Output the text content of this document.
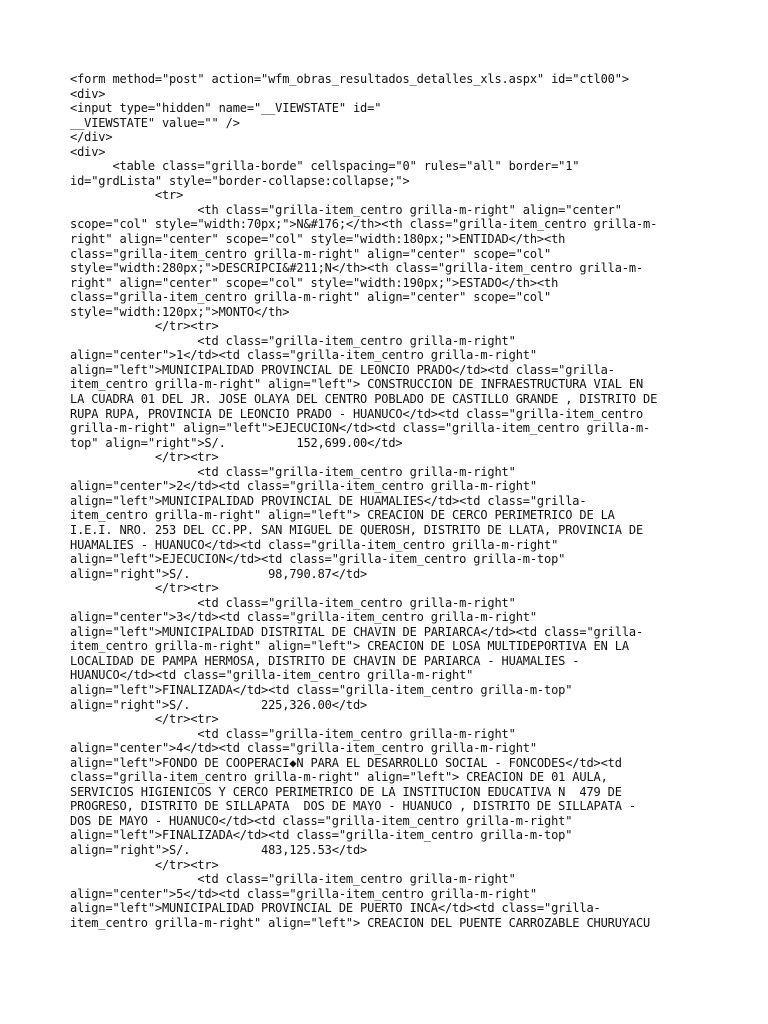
<form method="post" action="wfm_obras_resultados_detalles_xls.aspx" id="ctl00">
<div>
<input type="hidden" name="__VIEWSTATE" id="
__VIEWSTATE" value="" />
</div>
<div>
<table class="grilla-borde" cellspacing="0" rules="all" border="1"
id="grdLista" style="border-collapse:collapse;">
<tr>
<th class="grilla-item_centro grilla-m-right" align="center"
scope="col" style="width:70px;">N&#176;</th><th class="grilla-item_centro grilla-m-
right" align="center" scope="col" style="width:180px;">ENTIDAD</th><th
class="grilla-item_centro grilla-m-right" align="center" scope="col"
style="width:280px;">DESCRIPCI&#211;N</th><th class="grilla-item_centro grilla-m-
right" align="center" scope="col" style="width:190px;">ESTADO</th><th
class="grilla-item_centro grilla-m-right" align="center" scope="col"
style="width:120px;">MONTO</th>
</tr><tr>
<td class="grilla-item_centro grilla-m-right"
align="center">1</td><td class="grilla-item_centro grilla-m-right"
align="left">MUNICIPALIDAD PROVINCIAL DE LEONCIO PRADO</td><td class="grilla-
item_centro grilla-m-right" align="left"> CONSTRUCCION DE INFRAESTRUCTURA VIAL EN
LA CUADRA 01 DEL JR. JOSE OLAYA DEL CENTRO POBLADO DE CASTILLO GRANDE , DISTRITO DE
RUPA RUPA, PROVINCIA DE LEONCIO PRADO - HUANUCO</td><td class="grilla-item_centro
grilla-m-right" align="left">EJECUCION</td><td class="grilla-item_centro grilla-m-
top" align="right">S/.          152,699.00</td>
</tr><tr>
<td class="grilla-item_centro grilla-m-right"
align="center">2</td><td class="grilla-item_centro grilla-m-right"
align="left">MUNICIPALIDAD PROVINCIAL DE HUAMALIES</td><td class="grilla-
item_centro grilla-m-right" align="left"> CREACION DE CERCO PERIMETRICO DE LA
I.E.I. NRO. 253 DEL CC.PP. SAN MIGUEL DE QUEROSH, DISTRITO DE LLATA, PROVINCIA DE
HUAMALIES - HUANUCO</td><td class="grilla-item_centro grilla-m-right"
align="left">EJECUCION</td><td class="grilla-item_centro grilla-m-top"
align="right">S/.           98,790.87</td>
</tr><tr>
<td class="grilla-item_centro grilla-m-right"
align="center">3</td><td class="grilla-item_centro grilla-m-right"
align="left">MUNICIPALIDAD DISTRITAL DE CHAVIN DE PARIARCA</td><td class="grilla-
item_centro grilla-m-right" align="left"> CREACION DE LOSA MULTIDEPORTIVA EN LA
LOCALIDAD DE PAMPA HERMOSA, DISTRITO DE CHAVIN DE PARIARCA - HUAMALIES -
HUANUCO</td><td class="grilla-item_centro grilla-m-right"
align="left">FINALIZADA</td><td class="grilla-item_centro grilla-m-top"
align="right">S/.          225,326.00</td>
</tr><tr>
<td class="grilla-item_centro grilla-m-right"
align="center">4</td><td class="grilla-item_centro grilla-m-right"
align="left">FONDO DE COOPERACI◆N PARA EL DESARROLLO SOCIAL - FONCODES</td><td
class="grilla-item_centro grilla-m-right" align="left"> CREACION DE 01 AULA,
SERVICIOS HIGIENICOS Y CERCO PERIMETRICO DE LA INSTITUCION EDUCATIVA N  479 DE
PROGRESO, DISTRITO DE SILLAPATA  DOS DE MAYO - HUANUCO , DISTRITO DE SILLAPATA -
DOS DE MAYO - HUANUCO</td><td class="grilla-item_centro grilla-m-right"
align="left">FINALIZADA</td><td class="grilla-item_centro grilla-m-top"
align="right">S/.          483,125.53</td>
</tr><tr>
<td class="grilla-item_centro grilla-m-right"
align="center">5</td><td class="grilla-item_centro grilla-m-right"
align="left">MUNICIPALIDAD PROVINCIAL DE PUERTO INCA</td><td class="grilla-
item_centro grilla-m-right" align="left"> CREACION DEL PUENTE CARROZABLE CHURUYACU
